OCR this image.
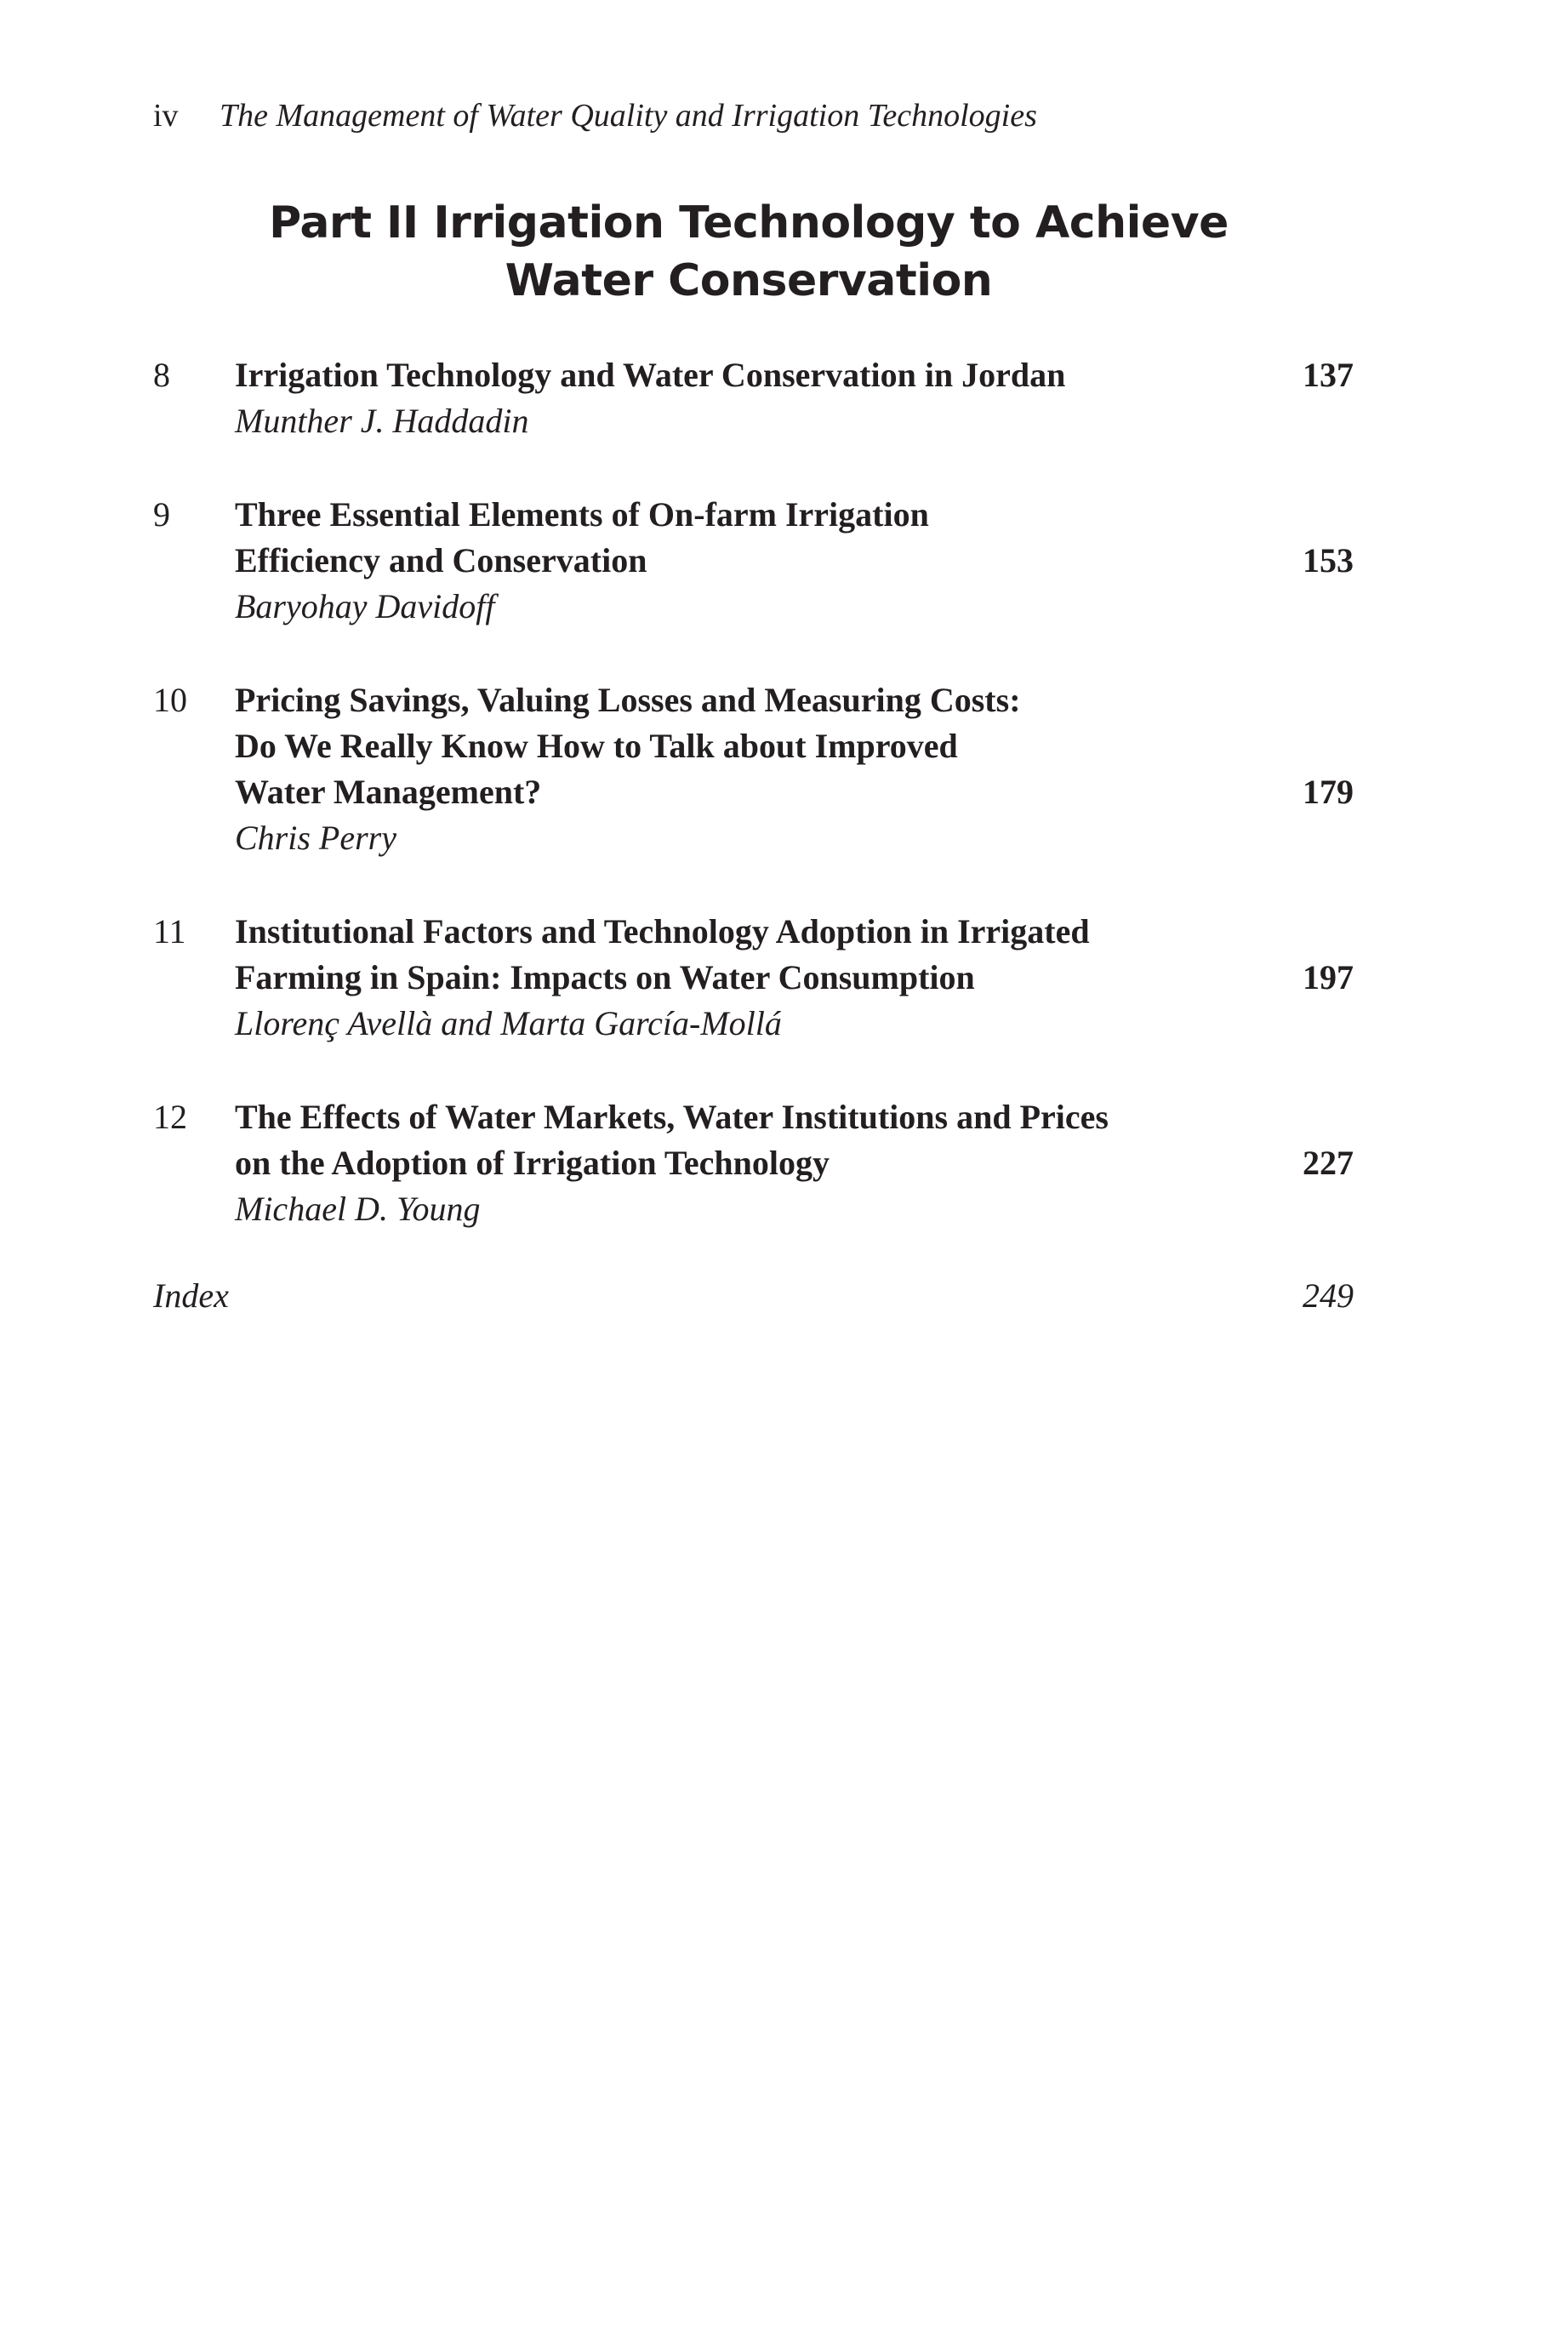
iv The Management of Water Quality and Irrigation Technologies
Part II Irrigation Technology to Achieve
Water Conservation
8 Irrigation Technology and Water Conservation in Jordan
Munther J. Haddadin
137
9 Three Essential Elements of On-farm Irrigation
Efficiency and Conservation
Baryohay Davidoff
153
10 Pricing Savings, Valuing Losses and Measuring Costs:
Do We Really Know How to Talk about Improved
Water Management?
Chris Perry
179
11 Institutional Factors and Technology Adoption in Irrigated
Farming in Spain: Impacts on Water Consumption
Llorenç Avellà and Marta García-Mollá
197
12 The Effects of Water Markets, Water Institutions and Prices
on the Adoption of Irrigation Technology
Michael D. Young
227
Index	249
